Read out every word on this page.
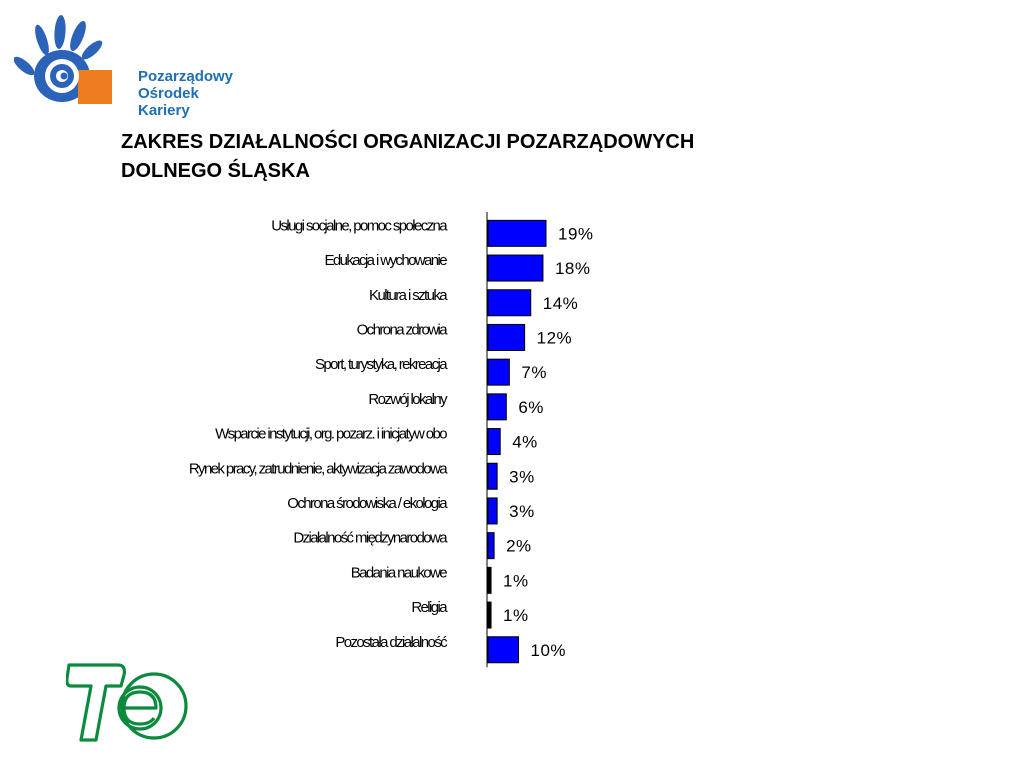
Pozarządowy
Ośrodek
Kariery
ZAKRES DZIAŁALNOŚCI ORGANIZACJI POZARZĄDOWYCH
DOLNEGO ŚLĄSKA
Usługi socjalne, pomoc społeczna
Edukacja i wychowanie
Kultura i sztuka
Ochrona zdrowia
Sport, turystyka, rekreacja
Rozwój lokalny
Wsparcie instytucji, org. pozarz. i inicjatyw obo
Rynek pracy, zatrudnienie, aktywizacja zawodowa
Ochrona środowiska / ekologia
Działalność międzynarodowa
Badania naukowe
Religia
Pozostała działalność
19%
18%
14%
12%
7%
6%
4%
3%
3%
2%
1%
1%
10%
